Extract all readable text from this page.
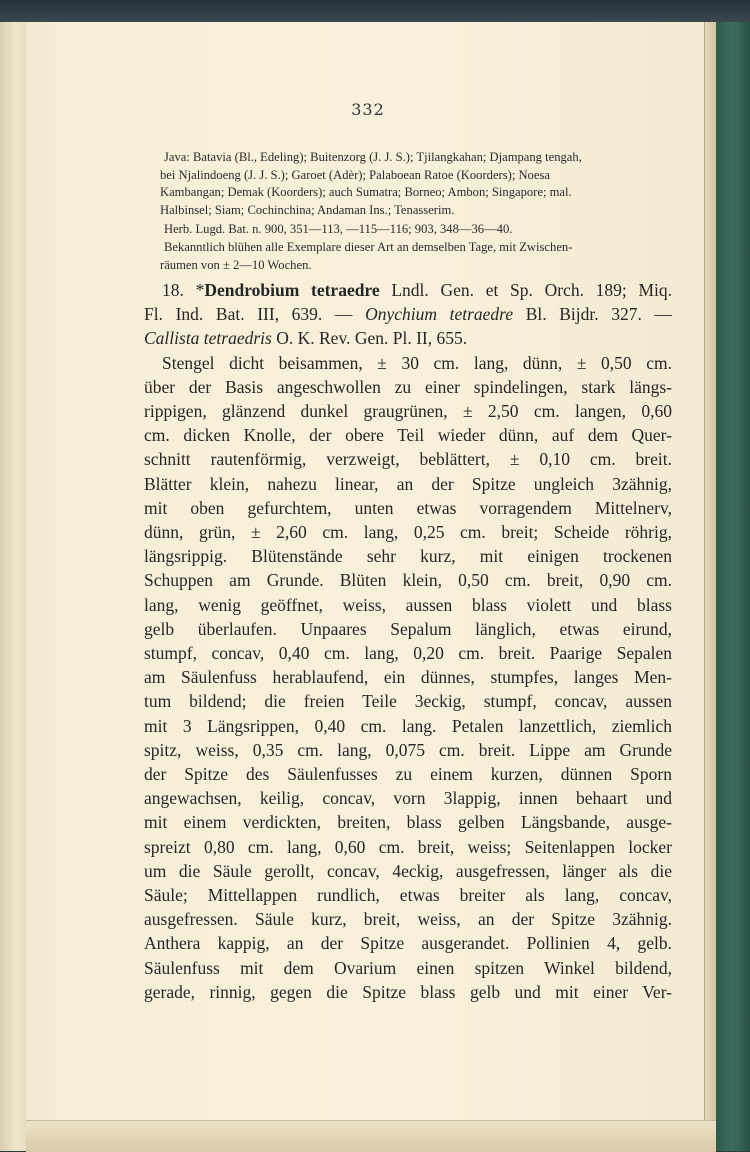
332
Java: Batavia (Bl., Edeling); Buitenzorg (J. J. S.); Tjilangkahan; Djampang tengah,
bei Njalindoeng (J. J. S.); Garoet (Adèr); Palaboean Ratoe (Koorders); Noesa
Kambangan; Demak (Koorders); auch Sumatra; Borneo; Ambon; Singapore; mal.
Halbinsel; Siam; Cochinchina; Andaman Ins.; Tenasserim.
Herb. Lugd. Bat. n. 900, 351—113, —115—116; 903, 348—36—40.
Bekanntlich blühen alle Exemplare dieser Art an demselben Tage, mit Zwischen-
räumen von ± 2—10 Wochen.
18. *Dendrobium tetraedre Lndl. Gen. et Sp. Orch. 189; Miq.
Fl. Ind. Bat. III, 639. — Onychium tetraedre Bl. Bijdr. 327. —
Callista tetraedris O. K. Rev. Gen. Pl. II, 655.
Stengel dicht beisammen, ± 30 cm. lang, dünn, ± 0,50 cm.
über der Basis angeschwollen zu einer spindelingen, stark längs-
rippigen, glänzend dunkel graugrünen, ± 2,50 cm. langen, 0,60
cm. dicken Knolle, der obere Teil wieder dünn, auf dem Quer-
schnitt rautenförmig, verzweigt, beblättert, ± 0,10 cm. breit.
Blätter klein, nahezu linear, an der Spitze ungleich 3zähnig,
mit oben gefurchtem, unten etwas vorragendem Mittelnerv,
dünn, grün, ± 2,60 cm. lang, 0,25 cm. breit; Scheide röhrig,
längsrippig. Blütenstände sehr kurz, mit einigen trockenen
Schuppen am Grunde. Blüten klein, 0,50 cm. breit, 0,90 cm.
lang, wenig geöffnet, weiss, aussen blass violett und blass
gelb überlaufen. Unpaares Sepalum länglich, etwas eirund,
stumpf, concav, 0,40 cm. lang, 0,20 cm. breit. Paarige Sepalen
am Säulenfuss herablaufend, ein dünnes, stumpfes, langes Men-
tum bildend; die freien Teile 3eckig, stumpf, concav, aussen
mit 3 Längsrippen, 0,40 cm. lang. Petalen lanzettlich, ziemlich
spitz, weiss, 0,35 cm. lang, 0,075 cm. breit. Lippe am Grunde
der Spitze des Säulenfusses zu einem kurzen, dünnen Sporn
angewachsen, keilig, concav, vorn 3lappig, innen behaart und
mit einem verdickten, breiten, blass gelben Längsbande, ausge-
spreizt 0,80 cm. lang, 0,60 cm. breit, weiss; Seitenlappen locker
um die Säule gerollt, concav, 4eckig, ausgefressen, länger als die
Säule; Mittellappen rundlich, etwas breiter als lang, concav,
ausgefressen. Säule kurz, breit, weiss, an der Spitze 3zähnig.
Anthera kappig, an der Spitze ausgerandet. Pollinien 4, gelb.
Säulenfuss mit dem Ovarium einen spitzen Winkel bildend,
gerade, rinnig, gegen die Spitze blass gelb und mit einer Ver-
